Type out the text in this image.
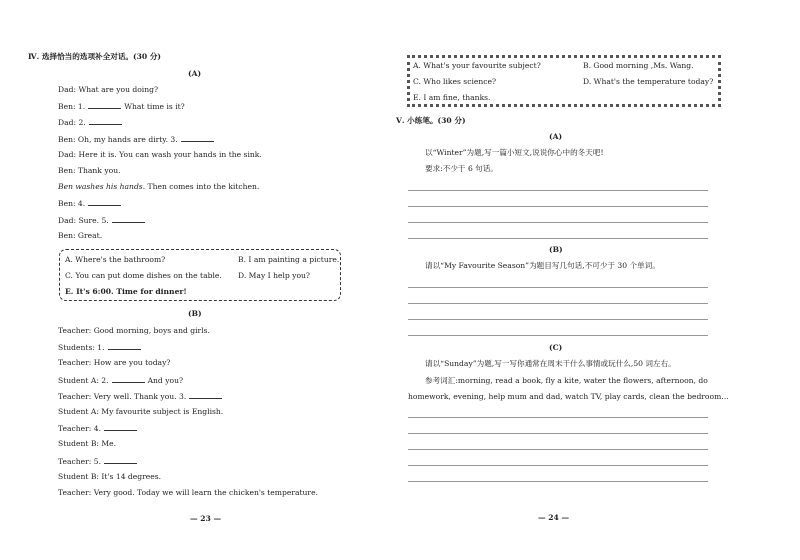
Ⅳ. 选择恰当的选项补全对话。(30 分)
(A)
Dad: What are you doing?
Ben: 1.	What time is it?
Dad: 2.
Ben: Oh, my hands are dirty. 3.
Dad: Here it is. You can wash your hands in the sink.
Ben: Thank you.
Ben washes his hands. Then comes into the kitchen.
Ben: 4.
Dad: Sure. 5.
Ben: Great.
A. Where's the bathroom?	B. I am painting a picture.
C. You can put dome dishes on the table. D. May I help you?
E. It's 6:00. Time for dinner!
(B)
Teacher: Good morning, boys and girls.
Students: 1.
Teacher: How are you today?
Student A: 2.	And you?
Teacher: Very well. Thank you. 3.
Student A: My favourite subject is English.
Teacher: 4.
Student B: Me.
Teacher: 5.
Student B: It's 14 degrees.
Teacher: Very good. Today we will learn the chicken's temperature.
— 23 —
A. What's your favourite subject?	B. Good morning ,Ms. Wang.
C. Who likes science?	D. What's the temperature today?
E. I am fine, thanks.
Ⅴ. 小练笔。(30 分)
(A)
以“Winter”为题,写一篇小短文,说说你心中的冬天吧!
要求:不少于 6 句话。
(B)
请以“My Favourite Season”为题目写几句话,不可少于 30 个单词。
(C)
请以“Sunday”为题,写一写你通常在周末干什么事情或玩什么,50 词左右。
参考词汇:morning, read a book, fly a kite, water the flowers, afternoon, do
homework, evening, help mum and dad, watch TV, play cards, clean the bedroom…
— 24 —
